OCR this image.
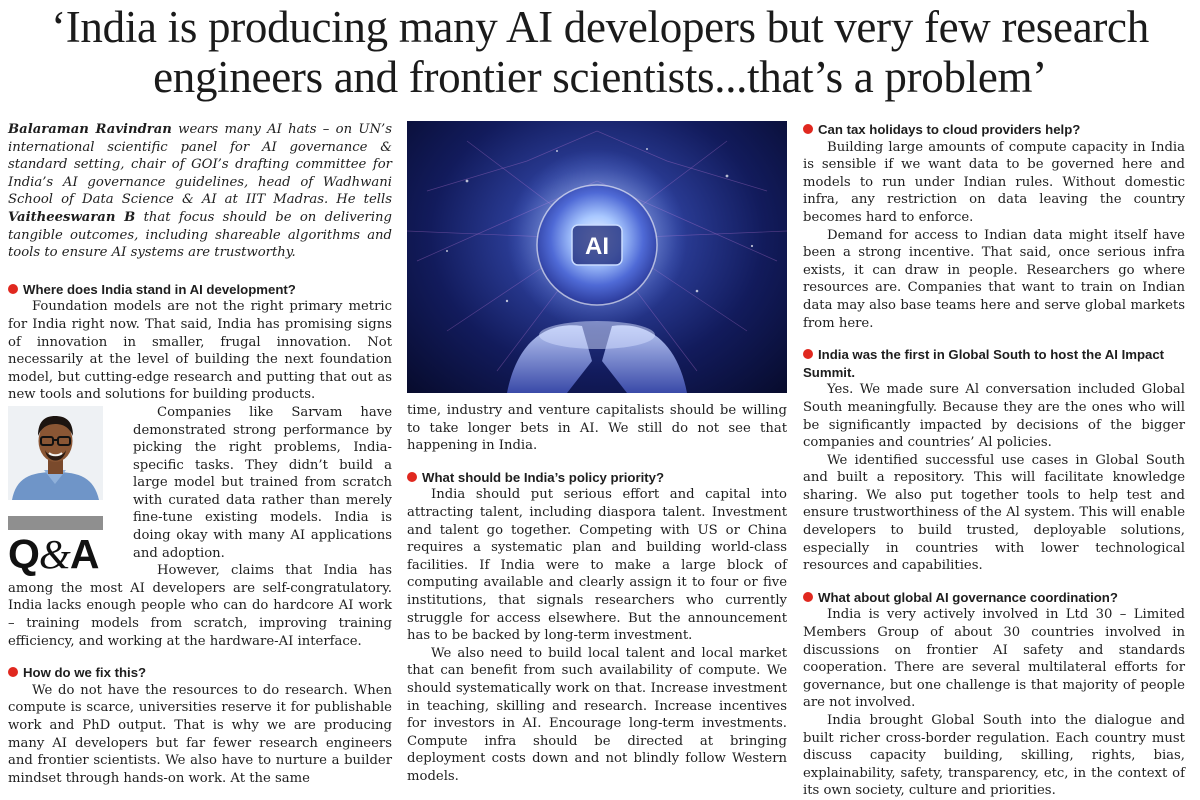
‘India is producing many AI developers but very few research
engineers and frontier scientists...that’s a problem’

Balaraman Ravindran wears many AI hats – on UN’s international scientific panel for AI governance & standard setting, chair of GOI’s drafting committee for India’s AI governance guidelines, head of Wadhwani School of Data Science & AI at IIT Madras. He tells Vaitheeswaran B that focus should be on delivering tangible outcomes, including shareable algorithms and tools to ensure AI systems are trustworthy.

Where does India stand in AI development?

Foundation models are not the right primary metric for India right now. That said, India has promising signs of innovation in smaller, frugal innovation. Not necessarily at the level of building the next foundation model, but cutting-edge research and putting that out as new tools and solutions for building products.

Q&A

Companies like Sarvam have demonstrated strong performance by picking the right problems, India-specific tasks. They didn’t build a large model but trained from scratch with curated data rather than merely fine-tune existing models. India is doing okay with many AI applications and adoption.

However, claims that India has among the most AI developers are self-congratulatory. India lacks enough people who can do hardcore AI work – training models from scratch, improving training efficiency, and working at the hardware-AI interface.

How do we fix this?

We do not have the resources to do research. When compute is scarce, universities reserve it for publishable work and PhD output. That is why we are producing many AI developers but far fewer research engineers and frontier scientists. We also have to nurture a builder mindset through hands-on work. At the same

AI

time, industry and venture capitalists should be willing to take longer bets in AI. We still do not see that happening in India.

What should be India’s policy priority?

India should put serious effort and capital into attracting talent, including diaspora talent. Investment and talent go together. Competing with US or China requires a systematic plan and building world-class facilities. If India were to make a large block of computing available and clearly assign it to four or five institutions, that signals researchers who currently struggle for access elsewhere. But the announcement has to be backed by long-term investment.

We also need to build local talent and local market that can benefit from such availability of compute. We should systematically work on that. Increase investment in teaching, skilling and research. Increase incentives for investors in AI. Encourage long-term investments. Compute infra should be directed at bringing deployment costs down and not blindly follow Western models.

Can tax holidays to cloud providers help?

Building large amounts of compute capacity in India is sensible if we want data to be governed here and models to run under Indian rules. Without domestic infra, any restriction on data leaving the country becomes hard to enforce.

Demand for access to Indian data might itself have been a strong incentive. That said, once serious infra exists, it can draw in people. Researchers go where resources are. Companies that want to train on Indian data may also base teams here and serve global markets from here.

India was the first in Global South to host the AI Impact Summit.

Yes. We made sure Al conversation included Global South meaningfully. Because they are the ones who will be significantly impacted by decisions of the bigger companies and countries’ Al policies.

We identified successful use cases in Global South and built a repository. This will facilitate knowledge sharing. We also put together tools to help test and ensure trustworthiness of the Al system. This will enable developers to build trusted, deployable solutions, especially in countries with lower technological resources and capabilities.

What about global AI governance coordination?

India is very actively involved in Ltd 30 – Limited Members Group of about 30 countries involved in discussions on frontier AI safety and standards cooperation. There are several multilateral efforts for governance, but one challenge is that majority of people are not involved.

India brought Global South into the dialogue and built richer cross-border regulation. Each country must discuss capacity building, skilling, rights, bias, explainability, safety, transparency, etc, in the context of its own society, culture and priorities.
